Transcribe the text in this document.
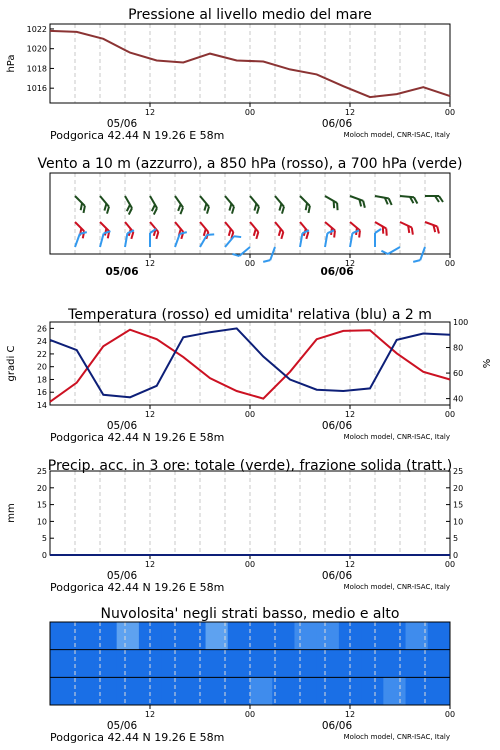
Pressione al livello medio del mare
1016
1018
1020
1022
hPa
12	00	12	00
05/06	06/06
Podgorica 42.44 N 19.26 E 58m	Moloch model, CNR-ISAC, Italy
Vento a 10 m (azzurro), a 850 hPa (rosso), a 700 hPa (verde)
12	00	12	00
05/06	06/06
Temperatura (rosso) ed umidita' relativa (blu) a 2 m
14
16
18
20
22
24
26
40
60
80
100
gradi C	%
12	00	12	00
05/06	06/06
Podgorica 42.44 N 19.26 E 58m	Moloch model, CNR-ISAC, Italy
Precip. acc. in 3 ore: totale (verde), frazione solida (tratt.)
0	0
5	5
10	10
15	15
20	20
25	25
mm
12	00	12	00
05/06	06/06
Podgorica 42.44 N 19.26 E 58m	Moloch model, CNR-ISAC, Italy
Nuvolosita' negli strati basso, medio e alto
12	00	12	00
05/06	06/06
Podgorica 42.44 N 19.26 E 58m	Moloch model, CNR-ISAC, Italy
